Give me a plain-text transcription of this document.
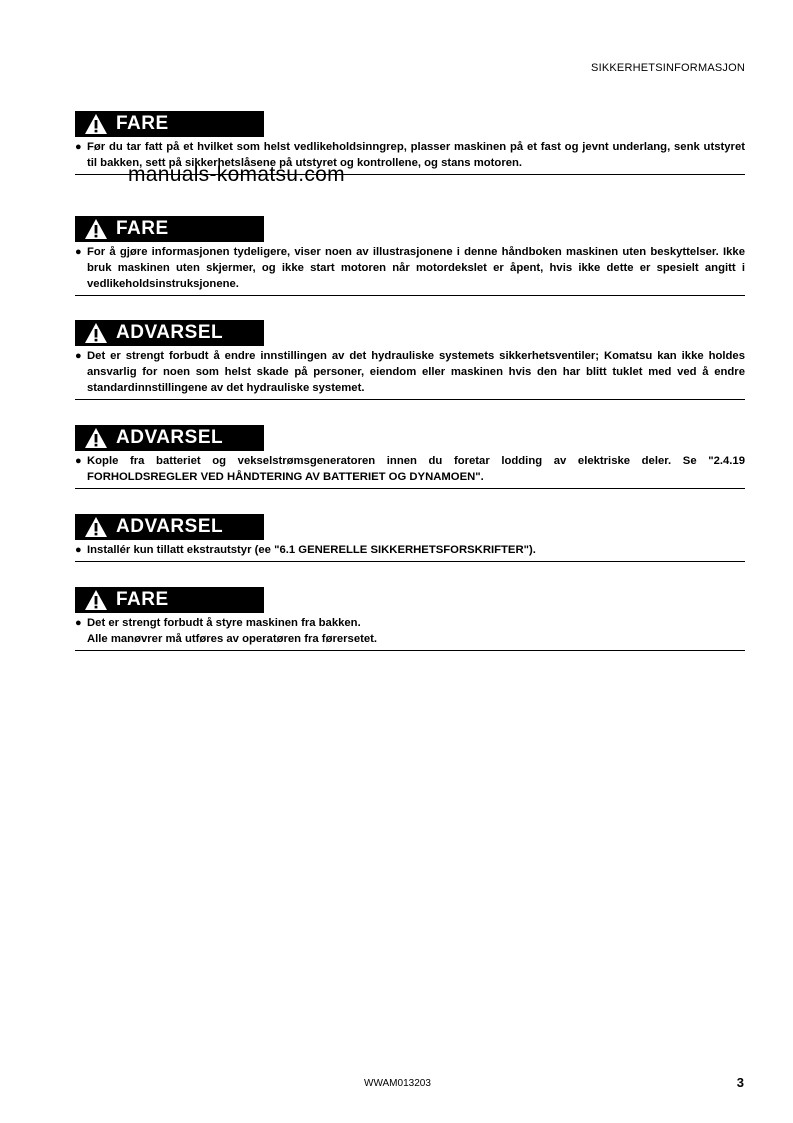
SIKKERHETSINFORMASJON
manuals-komatsu.com
FARE
● Før du tar fatt på et hvilket som helst vedlikeholdsinngrep, plasser maskinen på et fast og jevnt underlang, senk utstyret til bakken, sett på sikkerhetslåsene på utstyret og kontrollene, og stans motoren.
FARE
● For å gjøre informasjonen tydeligere, viser noen av illustrasjonene i denne håndboken maskinen uten beskyttelser. Ikke bruk maskinen uten skjermer, og ikke start motoren når motordekslet er åpent, hvis ikke dette er spesielt angitt i vedlikeholdsinstruksjonene.
ADVARSEL
● Det er strengt forbudt å endre innstillingen av det hydrauliske systemets sikkerhetsventiler; Komatsu kan ikke holdes ansvarlig for noen som helst skade på personer, eiendom eller maskinen hvis den har blitt tuklet med ved å endre standardinnstillingene av det hydrauliske systemet.
ADVARSEL
● Kople fra batteriet og vekselstrømsgeneratoren innen du foretar lodding av elektriske deler. Se "2.4.19 FORHOLDSREGLER VED HÅNDTERING AV BATTERIET OG DYNAMOEN".
ADVARSEL
● Installér kun tillatt ekstrautstyr (ee "6.1 GENERELLE SIKKERHETSFORSKRIFTER").
FARE
● Det er strengt forbudt å styre maskinen fra bakken.
Alle manøvrer må utføres av operatøren fra førersetet.
WWAM013203	3
